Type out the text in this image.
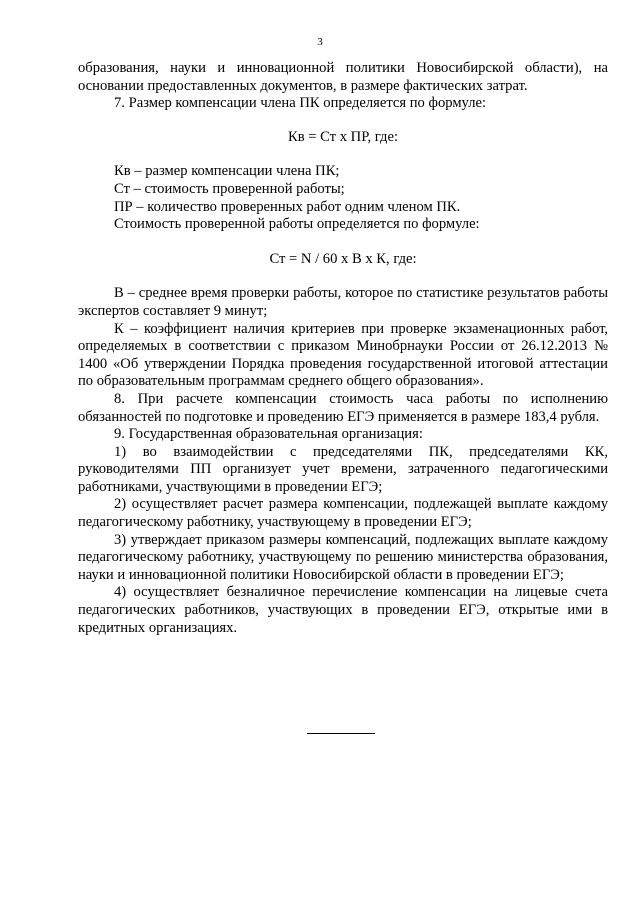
3

образования, науки и инновационной политики Новосибирской области), на основании предоставленных документов, в размере фактических затрат.

7. Размер компенсации члена ПК определяется по формуле:

Кв = Ст х ПР, где:

Кв – размер компенсации члена ПК;

Ст – стоимость проверенной работы;

ПР – количество проверенных работ одним членом ПК.

Стоимость проверенной работы определяется по формуле:

Ст = N / 60 х В х К, где:

В – среднее время проверки работы, которое по статистике результатов работы экспертов составляет 9 минут;

К – коэффициент наличия критериев при проверке экзаменационных работ, определяемых в соответствии с приказом Минобрнауки России от 26.12.2013 № 1400 «Об утверждении Порядка проведения государственной итоговой аттестации по образовательным программам среднего общего образования».

8. При расчете компенсации стоимость часа работы по исполнению обязанностей по подготовке и проведению ЕГЭ применяется в размере 183,4 рубля.

9. Государственная образовательная организация:

1) во взаимодействии с председателями ПК, председателями КК, руководителями ПП организует учет времени, затраченного педагогическими работниками, участвующими в проведении ЕГЭ;

2) осуществляет расчет размера компенсации, подлежащей выплате каждому педагогическому работнику, участвующему в проведении ЕГЭ;

3) утверждает приказом размеры компенсаций, подлежащих выплате каждому педагогическому работнику, участвующему по решению министерства образования, науки и инновационной политики Новосибирской области в проведении ЕГЭ;

4) осуществляет безналичное перечисление компенсации на лицевые счета педагогических работников, участвующих в проведении ЕГЭ, открытые ими в кредитных организациях.
